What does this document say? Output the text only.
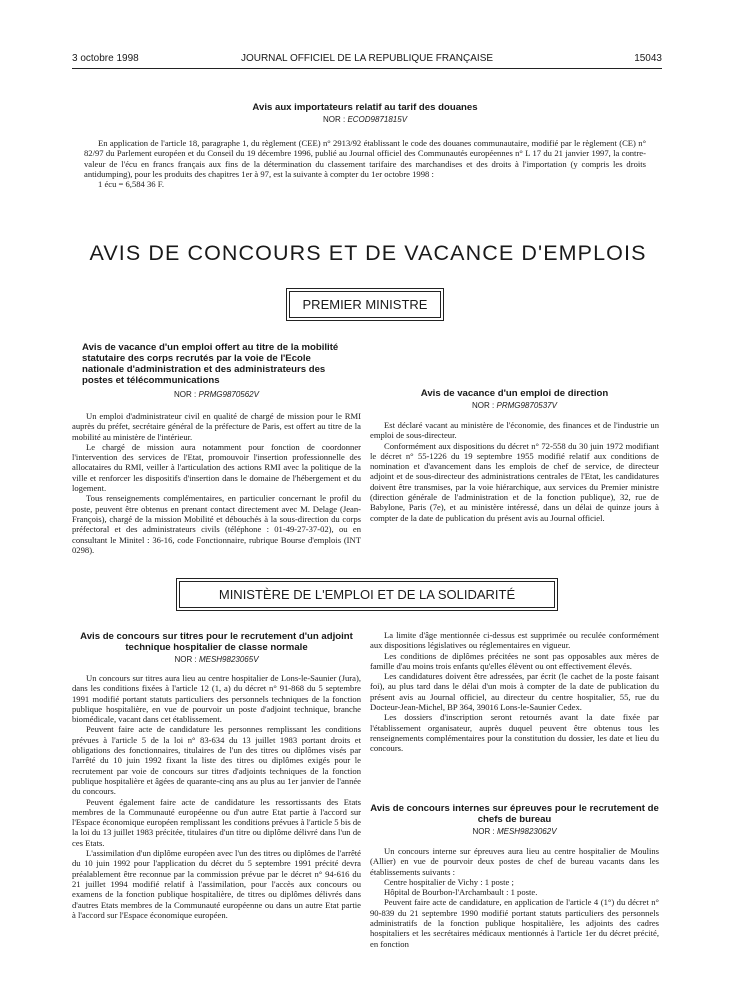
3 octobre 1998	JOURNAL OFFICIEL DE LA REPUBLIQUE FRANÇAISE	15043
Avis aux importateurs relatif au tarif des douanes
NOR : ECOD9871815V

En application de l'article 18, paragraphe 1, du règlement (CEE) n° 2913/92 établissant le code des douanes communautaire, modifié par le règlement (CE) n° 82/97 du Parlement européen et du Conseil du 19 décembre 1996, publié au Journal officiel des Communautés européennes n° L 17 du 21 janvier 1997, la contre-valeur de l'écu en francs français aux fins de la détermination du classement tarifaire des marchandises et des droits à l'importation (y compris les droits antidumping), pour les produits des chapitres 1er à 97, est la suivante à compter du 1er octobre 1998 :

1 écu = 6,584 36 F.

AVIS DE CONCOURS ET DE VACANCE D'EMPLOIS
PREMIER MINISTRE
Avis de vacance d'un emploi offert au titre de la mobilité statutaire des corps recrutés par la voie de l'Ecole nationale d'administration et des administrateurs des postes et télécommunications
NOR : PRMG9870562V

Un emploi d'administrateur civil en qualité de chargé de mission pour le RMI auprès du préfet, secrétaire général de la préfecture de Paris, est offert au titre de la mobilité au ministère de l'intérieur.

Le chargé de mission aura notamment pour fonction de coordonner l'intervention des services de l'Etat, promouvoir l'insertion professionnelle des allocataires du RMI, veiller à l'articulation des actions RMI avec la politique de la ville et renforcer les dispositifs d'insertion dans le domaine de l'hébergement et du logement.

Tous renseignements complémentaires, en particulier concernant le profil du poste, peuvent être obtenus en prenant contact directement avec M. Delage (Jean-François), chargé de la mission Mobilité et débouchés à la sous-direction du corps préfectoral et des administrateurs civils (téléphone : 01-49-27-37-02), ou en consultant le Minitel : 36-16, code Fonctionnaire, rubrique Bourse d'emplois (INT 0298).

Avis de vacance d'un emploi de direction
NOR : PRMG9870537V

Est déclaré vacant au ministère de l'économie, des finances et de l'industrie un emploi de sous-directeur.

Conformément aux dispositions du décret n° 72-558 du 30 juin 1972 modifiant le décret n° 55-1226 du 19 septembre 1955 modifié relatif aux conditions de nomination et d'avancement dans les emplois de chef de service, de directeur adjoint et de sous-directeur des administrations centrales de l'Etat, les candidatures doivent être transmises, par la voie hiérarchique, aux services du Premier ministre (direction générale de l'administration et de la fonction publique), 32, rue de Babylone, Paris (7e), et au ministère intéressé, dans un délai de quinze jours à compter de la date de publication du présent avis au Journal officiel.

MINISTÈRE DE L'EMPLOI ET DE LA SOLIDARITÉ
Avis de concours sur titres pour le recrutement d'un adjoint technique hospitalier de classe normale
NOR : MESH9823065V

Un concours sur titres aura lieu au centre hospitalier de Lons-le-Saunier (Jura), dans les conditions fixées à l'article 12 (1, a) du décret n° 91-868 du 5 septembre 1991 modifié portant statuts particuliers des personnels techniques de la fonction publique hospitalière, en vue de pourvoir un poste d'adjoint technique, branche biomédicale, vacant dans cet établissement.

Peuvent faire acte de candidature les personnes remplissant les conditions prévues à l'article 5 de la loi n° 83-634 du 13 juillet 1983 portant droits et obligations des fonctionnaires, titulaires de l'un des titres ou diplômes visés par l'arrêté du 10 juin 1992 fixant la liste des titres ou diplômes exigés pour le recrutement par voie de concours sur titres d'adjoints techniques de la fonction publique hospitalière et âgées de quarante-cinq ans au plus au 1er janvier de l'année du concours.

Peuvent également faire acte de candidature les ressortissants des Etats membres de la Communauté européenne ou d'un autre Etat partie à l'accord sur l'Espace économique européen remplissant les conditions prévues à l'article 5 bis de la loi du 13 juillet 1983 précitée, titulaires d'un titre ou diplôme délivré dans l'un de ces Etats.

L'assimilation d'un diplôme européen avec l'un des titres ou diplômes de l'arrêté du 10 juin 1992 pour l'application du décret du 5 septembre 1991 précité devra préalablement être reconnue par la commission prévue par le décret n° 94-616 du 21 juillet 1994 modifié relatif à l'assimilation, pour l'accès aux concours ou examens de la fonction publique hospitalière, de titres ou diplômes délivrés dans d'autres Etats membres de la Communauté européenne ou dans un autre Etat partie à l'accord sur l'Espace économique européen.

La limite d'âge mentionnée ci-dessus est supprimée ou reculée conformément aux dispositions législatives ou réglementaires en vigueur.

Les conditions de diplômes précitées ne sont pas opposables aux mères de famille d'au moins trois enfants qu'elles élèvent ou ont effectivement élevés.

Les candidatures doivent être adressées, par écrit (le cachet de la poste faisant foi), au plus tard dans le délai d'un mois à compter de la date de publication du présent avis au Journal officiel, au directeur du centre hospitalier, 55, rue du Docteur-Jean-Michel, BP 364, 39016 Lons-le-Saunier Cedex.

Les dossiers d'inscription seront retournés avant la date fixée par l'établissement organisateur, auprès duquel peuvent être obtenus tous les renseignements complémentaires pour la constitution du dossier, les date et lieu du concours.

Avis de concours internes sur épreuves pour le recrutement de chefs de bureau
NOR : MESH9823062V

Un concours interne sur épreuves aura lieu au centre hospitalier de Moulins (Allier) en vue de pourvoir deux postes de chef de bureau vacants dans les établissements suivants :

Centre hospitalier de Vichy : 1 poste ;

Hôpital de Bourbon-l'Archambault : 1 poste.

Peuvent faire acte de candidature, en application de l'article 4 (1°) du décret n° 90-839 du 21 septembre 1990 modifié portant statuts particuliers des personnels administratifs de la fonction publique hospitalière, les adjoints des cadres hospitaliers et les secrétaires médicaux mentionnés à l'article 1er du décret précité, en fonction
